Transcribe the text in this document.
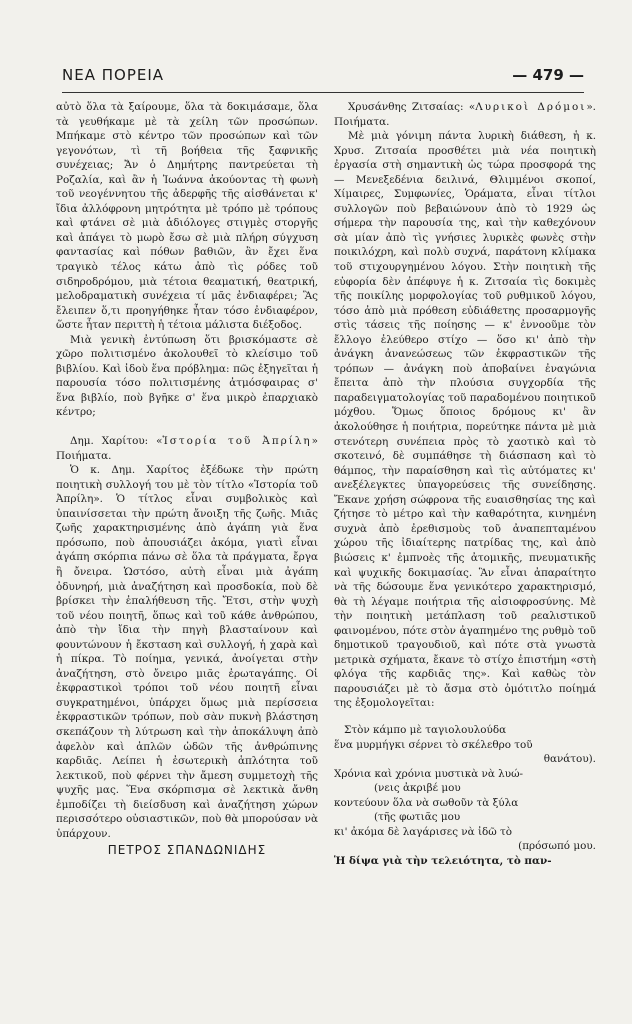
ΝΕΑ ΠΟΡΕΙΑ	— 479 —

αὐτὸ ὅλα τὰ ξαίρουμε, ὅλα τὰ δοκιμάσαμε, ὅλα τὰ γευθήκαμε μὲ τὰ χείλη τῶν προσώπων. Μπήκαμε στὸ κέντρο τῶν προσώπων καὶ τῶν γεγονότων, τὶ τῆ βοήθεια τῆς ξαφνικῆς συνέχειας; Ἄν ὁ Δημήτρης παντρεύεται τὴ Ροζαλία, καὶ ἂν ἡ Ἰωάννα ἀκούοντας τὴ φωνὴ τοῦ νεογέννητου τῆς ἀδερφῆς τῆς αἰσθάνεται κ' ἴδια ἀλλόφρονη μητρότητα μὲ τρόπο μὲ τρόπους καὶ φτάνει σὲ μιὰ ἀδιόλογες στιγμὲς στοργῆς καὶ ἀπάγει τὸ μωρὸ ἔσω σὲ μιὰ πλήρη σύγχυση φαντασίας καὶ πόθων βαθιῶν, ἂν ἔχει ἕνα τραγικὸ τέλος κάτω ἀπὸ τὶς ρόδες τοῦ σιδηροδρόμου, μιὰ τέτοια θεαματική, θεατρική, μελοδραματικὴ συνέχεια τί μᾶς ἐνδιαφέρει; Ἃς ἔλειπεν ὅ,τι προηγήθηκε ἦταν τόσο ἐνδιαφέρον, ὥστε ἦταν περιττὴ ἡ τέτοια μάλιστα διέξοδος.

Μιὰ γενικὴ ἐντύπωση ὅτι βρισκόμαστε σὲ χῶρο πολιτισμένο ἀκολουθεῖ τὸ κλείσιμο τοῦ βιβλίου. Καὶ ἰδοὺ ἕνα πρόβλημα: πῶς ἐξηγεῖται ἡ παρουσία τόσο πολιτισμένης ἀτμόσφαιρας σ' ἕνα βιβλίο, ποὺ βγῆκε σ' ἕνα μικρὸ ἐπαρχιακὸ κέντρο;

Δημ. Χαρίτου: «Ἱστορία τοῦ Ἀπρίλη» Ποιήματα.

Ὁ κ. Δημ. Χαρίτος ἐξέδωκε τὴν πρώτη ποιητικὴ συλλογή του μὲ τὸν τίτλο «Ἱστορία τοῦ Ἀπρίλη». Ὁ τίτλος εἶναι συμβολικὸς καὶ ὑπαινίσσεται τὴν πρώτη ἄνοιξη τῆς ζωῆς. Μιᾶς ζωῆς χαρακτηρισμένης ἀπὸ ἀγάπη γιὰ ἕνα πρόσωπο, ποὺ ἀπουσιάζει ἀκόμα, γιατὶ εἶναι ἀγάπη σκόρπια πάνω σὲ ὅλα τὰ πράγματα, ἔργα ἢ ὄνειρα. Ὡστόσο, αὐτὴ εἶναι μιὰ ἀγάπη ὀδυνηρή, μιὰ ἀναζήτηση καὶ προσδοκία, ποὺ δὲ βρίσκει τὴν ἐπαλήθευση τῆς. Ἔτσι, στὴν ψυχὴ τοῦ νέου ποιητῆ, ὅπως καὶ τοῦ κάθε ἀνθρώπου, ἀπὸ τὴν ἴδια τὴν πηγὴ βλασταίνουν καὶ φουντώνουν ἡ ἔκσταση καὶ συλλογή, ἡ χαρὰ καὶ ἡ πίκρα. Τὸ ποίημα, γενικά, ἀνοίγεται στὴν ἀναζήτηση, στὸ ὄνειρο μιᾶς ἐρωταγάπης. Οἱ ἐκφραστικοὶ τρόποι τοῦ νέου ποιητῆ εἶναι συγκρατημένοι, ὑπάρχει ὅμως μιὰ περίσσεια ἐκφραστικῶν τρόπων, ποὺ σὰν πυκνὴ βλάστηση σκεπάζουν τὴ λύτρωση καὶ τὴν ἀποκάλυψη ἀπὸ ἀφελὸν καὶ ἀπλῶν ὠδῶν τῆς ἀνθρώπινης καρδιᾶς. Λείπει ἡ ἐσωτερικὴ ἁπλότητα τοῦ λεκτικοῦ, ποὺ φέρνει τὴν ἄμεση συμμετοχὴ τῆς ψυχῆς μας. Ἕνα σκόρπισμα σὲ λεκτικὰ ἄνθη ἐμποδίζει τὴ διείσδυση καὶ ἀναζήτηση χώρων περισσότερο οὐσιαστικῶν, ποὺ θὰ μπορούσαν νὰ ὑπάρχουν.

ΠΕΤΡΟΣ ΣΠΑΝΔΩΝΙΔΗΣ

Χρυσάνθης Ζιτσαίας: «Λυρικοὶ Δρόμοι». Ποιήματα.

Μὲ μιὰ γόνιμη πάντα λυρικὴ διάθεση, ἡ κ. Χρυσ. Ζιτσαία προσθέτει μιὰ νέα ποιητικὴ ἐργασία στὴ σημαντικὴ ὡς τώρα προσφορά της — Μενεξεδένια δειλινά, Θλιμμένοι σκοποί, Χίμαιρες, Συμφωνίες, Ὁράματα, εἶναι τίτλοι συλλογῶν ποὺ βεβαιώνουν ἀπὸ τὸ 1929 ὡς σήμερα τὴν παρουσία της, καὶ τὴν καθεχόνουν σὰ μίαν ἀπὸ τὶς γνήσιες λυρικὲς φωνὲς στὴν ποικιλόχρη, καὶ πολὺ συχνά, παράτονη κλίμακα τοῦ στιχουργημένου λόγου. Στὴν ποιητικὴ τῆς εὐφορία δὲν ἀπέφυγε ἡ κ. Ζιτσαία τὶς δοκιμὲς τῆς ποικίλης μορφολογίας τοῦ ρυθμικοῦ λόγου, τόσο ἀπὸ μιὰ πρόθεση εὐδιάθετης προσαρμογῆς στὶς τάσεις τῆς ποίησης — κ' ἐννοοῦμε τὸν ἔλλογο ἐλεύθερο στίχο — ὅσο κι' ἀπὸ τὴν ἀνάγκη ἀνανεώσεως τῶν ἐκφραστικῶν τῆς τρόπων — ἀνάγκη ποὺ ἀποβαίνει ἐναγώνια ἔπειτα ἀπὸ τὴν πλούσια συγχορδία τῆς παραδειγματολογίας τοῦ παραδομένου ποιητικοῦ μόχθου. Ὅμως ὅποιος δρόμους κι' ἂν ἀκολούθησε ἡ ποιήτρια, πορεύτηκε πάντα μὲ μιὰ στενότερη συνέπεια πρὸς τὸ χαοτικὸ καὶ τὸ σκοτεινό, δὲ συμπάθησε τὴ διάσπαση καὶ τὸ θάμπος, τὴν παραίσθηση καὶ τὶς αὐτόματες κι' ανεξέλεγκτες ὑπαγορεύσεις τῆς συνείδησης. Ἔκανε χρήση σώφρονα τῆς ευαισθησίας της καὶ ζήτησε τὸ μέτρο καὶ τὴν καθαρότητα, κινημένη συχνὰ ἀπὸ ἐρεθισμοὺς τοῦ ἀναπεπταμένου χώρου τῆς ἰδιαίτερης πατρίδας της, καὶ ἀπὸ βιώσεις κ' ἐμπνοὲς τῆς ἀτομικῆς, πνευματικῆς καὶ ψυχικῆς δοκιμασίας. Ἂν εἶναι ἀπαραίτητο νὰ τῆς δώσουμε ἕνα γενικότερο χαρακτηρισμό, θὰ τὴ λέγαμε ποιήτρια τῆς αἰσιοφροσύνης. Μὲ τὴν ποιητικὴ μετάπλαση τοῦ ρεαλιστικοῦ φαινομένου, πότε στὸν ἀγαπημένο της ρυθμὸ τοῦ δημοτικοῦ τραγουδιοῦ, καὶ πότε στὰ γνωστὰ μετρικὰ σχήματα, ἔκανε τὸ στίχο ἐπιστήμη «στὴ φλόγα τῆς καρδιᾶς της». Καὶ καθὼς τὸν παρουσιάζει μὲ τὸ ἄσμα στὸ ὁμότιτλο ποίημά της ἐξομολογεῖται:

Στὸν κάμπο μὲ ταγιολουλούδα
ἕνα μυρμήγκι σέρνει τὸ σκέλεθρο τοῦ
θανάτου).
Χρόνια καὶ χρόνια μυστικὰ νὰ λυώ-
(νεις ἀκριβέ μου
κοντεύουν ὅλα νὰ σωθοῦν τὰ ξύλα
(τῆς φωτιᾶς μου
κι' ἀκόμα δὲ λαγάρισες νὰ ἰδῶ τὸ
(πρόσωπό μου.
Ἡ δίψα γιὰ τὴν τελειότητα, τὸ παν-
